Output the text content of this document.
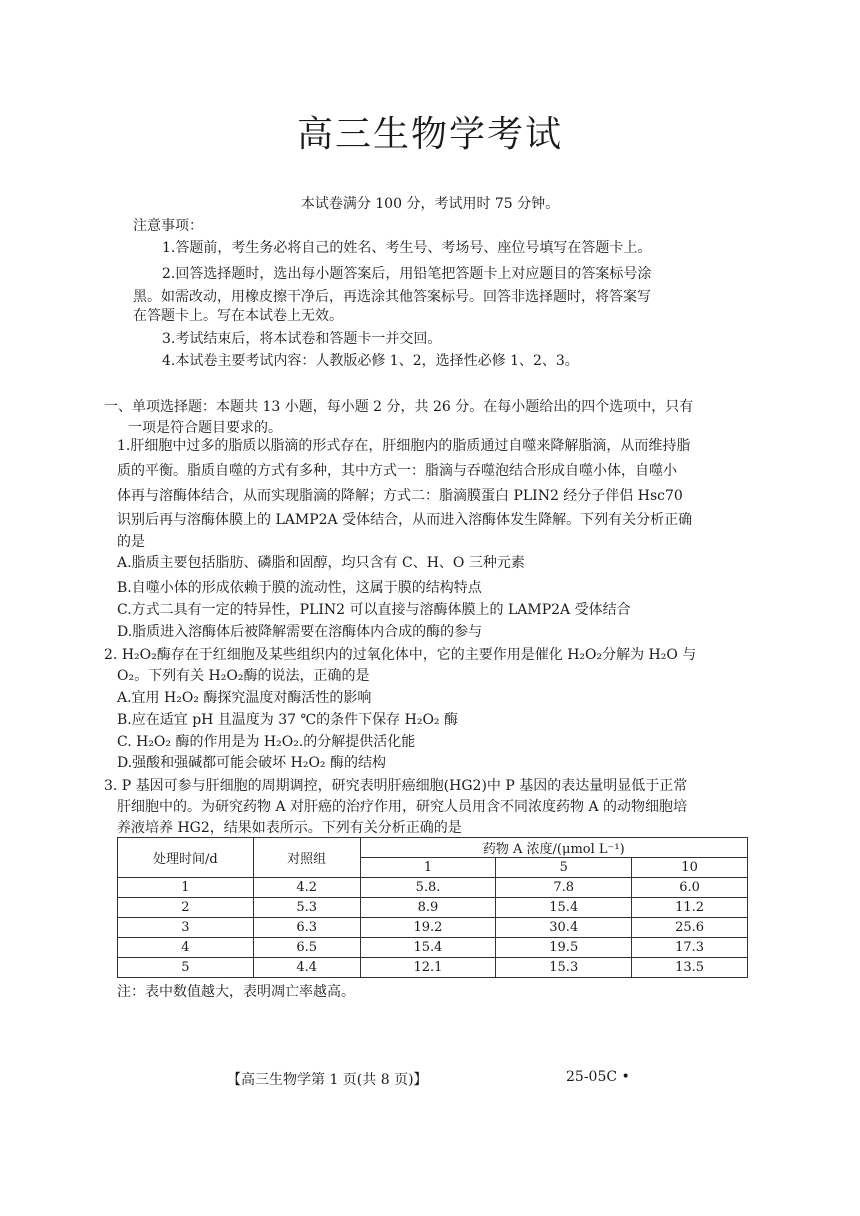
高三生物学考试
本试卷满分 100 分，考试用时 75 分钟。
注意事项：
1.答题前，考生务必将自己的姓名、考生号、考场号、座位号填写在答题卡上。
2.回答选择题时，选出每小题答案后，用铅笔把答题卡上对应题目的答案标号涂
黑。如需改动，用橡皮擦干净后，再选涂其他答案标号。回答非选择题时，将答案写
在答题卡上。写在本试卷上无效。
3.考试结束后，将本试卷和答题卡一并交回。
4.本试卷主要考试内容：人教版必修 1、2，选择性必修 1、2、3。
一、单项选择题：本题共 13 小题，每小题 2 分，共 26 分。在每小题给出的四个选项中，只有
一项是符合题目要求的。
1.肝细胞中过多的脂质以脂滴的形式存在，肝细胞内的脂质通过自噬来降解脂滴，从而维持脂
质的平衡。脂质自噬的方式有多种，其中方式一：脂滴与吞噬泡结合形成自噬小体，自噬小
体再与溶酶体结合，从而实现脂滴的降解；方式二：脂滴膜蛋白 PLIN2 经分子伴侣 Hsc70
识别后再与溶酶体膜上的 LAMP2A 受体结合，从而进入溶酶体发生降解。下列有关分析正确
的是
A.脂质主要包括脂肪、磷脂和固醇，均只含有 C、H、O 三种元素
B.自噬小体的形成依赖于膜的流动性，这属于膜的结构特点
C.方式二具有一定的特异性，PLIN2 可以直接与溶酶体膜上的 LAMP2A 受体结合
D.脂质进入溶酶体后被降解需要在溶酶体内合成的酶的参与
2. H₂O₂酶存在于红细胞及某些组织内的过氧化体中，它的主要作用是催化 H₂O₂分解为 H₂O 与
O₂。下列有关 H₂O₂酶的说法，正确的是
A.宜用 H₂O₂ 酶探究温度对酶活性的影响
B.应在适宜 pH 且温度为 37 ℃的条件下保存 H₂O₂ 酶
C. H₂O₂ 酶的作用是为 H₂O₂.的分解提供活化能
D.强酸和强碱都可能会破坏 H₂O₂ 酶的结构
3. P 基因可参与肝细胞的周期调控，研究表明肝癌细胞(HG2)中 P 基因的表达量明显低于正常
肝细胞中的。为研究药物 A 对肝癌的治疗作用，研究人员用含不同浓度药物 A 的动物细胞培
养液培养 HG2，结果如表所示。下列有关分析正确的是
处理时间/d	对照组	药物 A 浓度/(μmol L⁻¹)		
		1	5	10
1	4.2	5.8.	7.8	6.0
2	5.3	8.9	15.4	11.2
3	6.3	19.2	30.4	25.6
4	6.5	15.4	19.5	17.3
5	4.4	12.1	15.3	13.5
注：表中数值越大，表明凋亡率越高。
【高三生物学第 1 页(共 8 页)】	25-05C •
